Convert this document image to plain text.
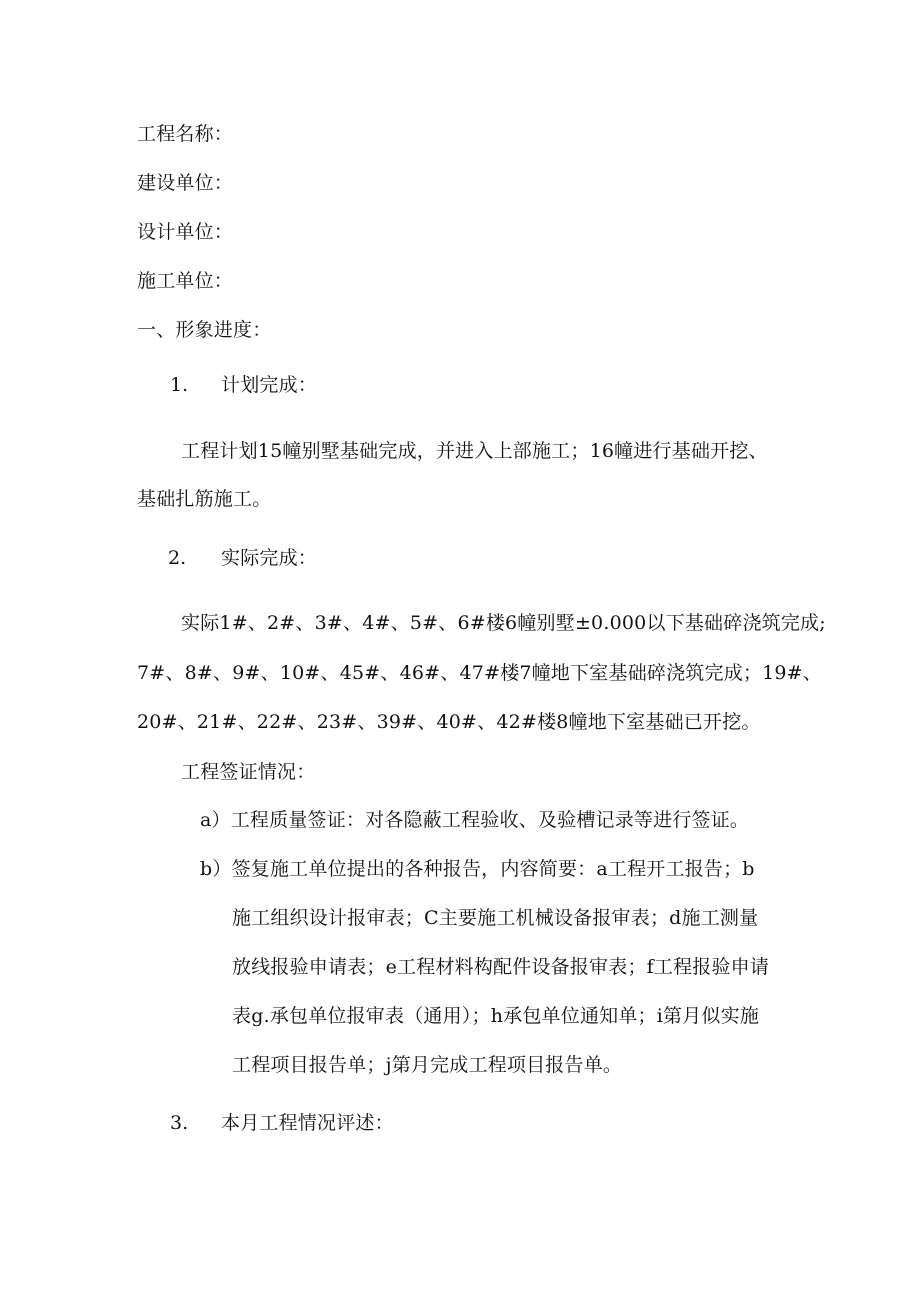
工程名称：
建设单位：
设计单位：
施工单位：
一、形象进度：
1. 计划完成：
工程计划15幢别墅基础完成，并进入上部施工；16幢进行基础开挖、
基础扎筋施工。
2. 实际完成：
实际1#、2#、3#、4#、5#、6#楼6幢别墅±0.000以下基础碎浇筑完成;
7#、8#、9#、10#、45#、46#、47#楼7幢地下室基础碎浇筑完成；19#、
20#、21#、22#、23#、39#、40#、42#楼8幢地下室基础已开挖。
工程签证情况：
a）工程质量签证：对各隐蔽工程验收、及验槽记录等进行签证。
b）签复施工单位提出的各种报告，内容简要：a工程开工报告；b
施工组织设计报审表；C主要施工机械设备报审表；d施工测量
放线报验申请表；e工程材料构配件设备报审表；f工程报验申请
表g.承包单位报审表（通用）；h承包单位通知单；i第月似实施
工程项目报告单；j第月完成工程项目报告单。
3. 本月工程情况评述：
